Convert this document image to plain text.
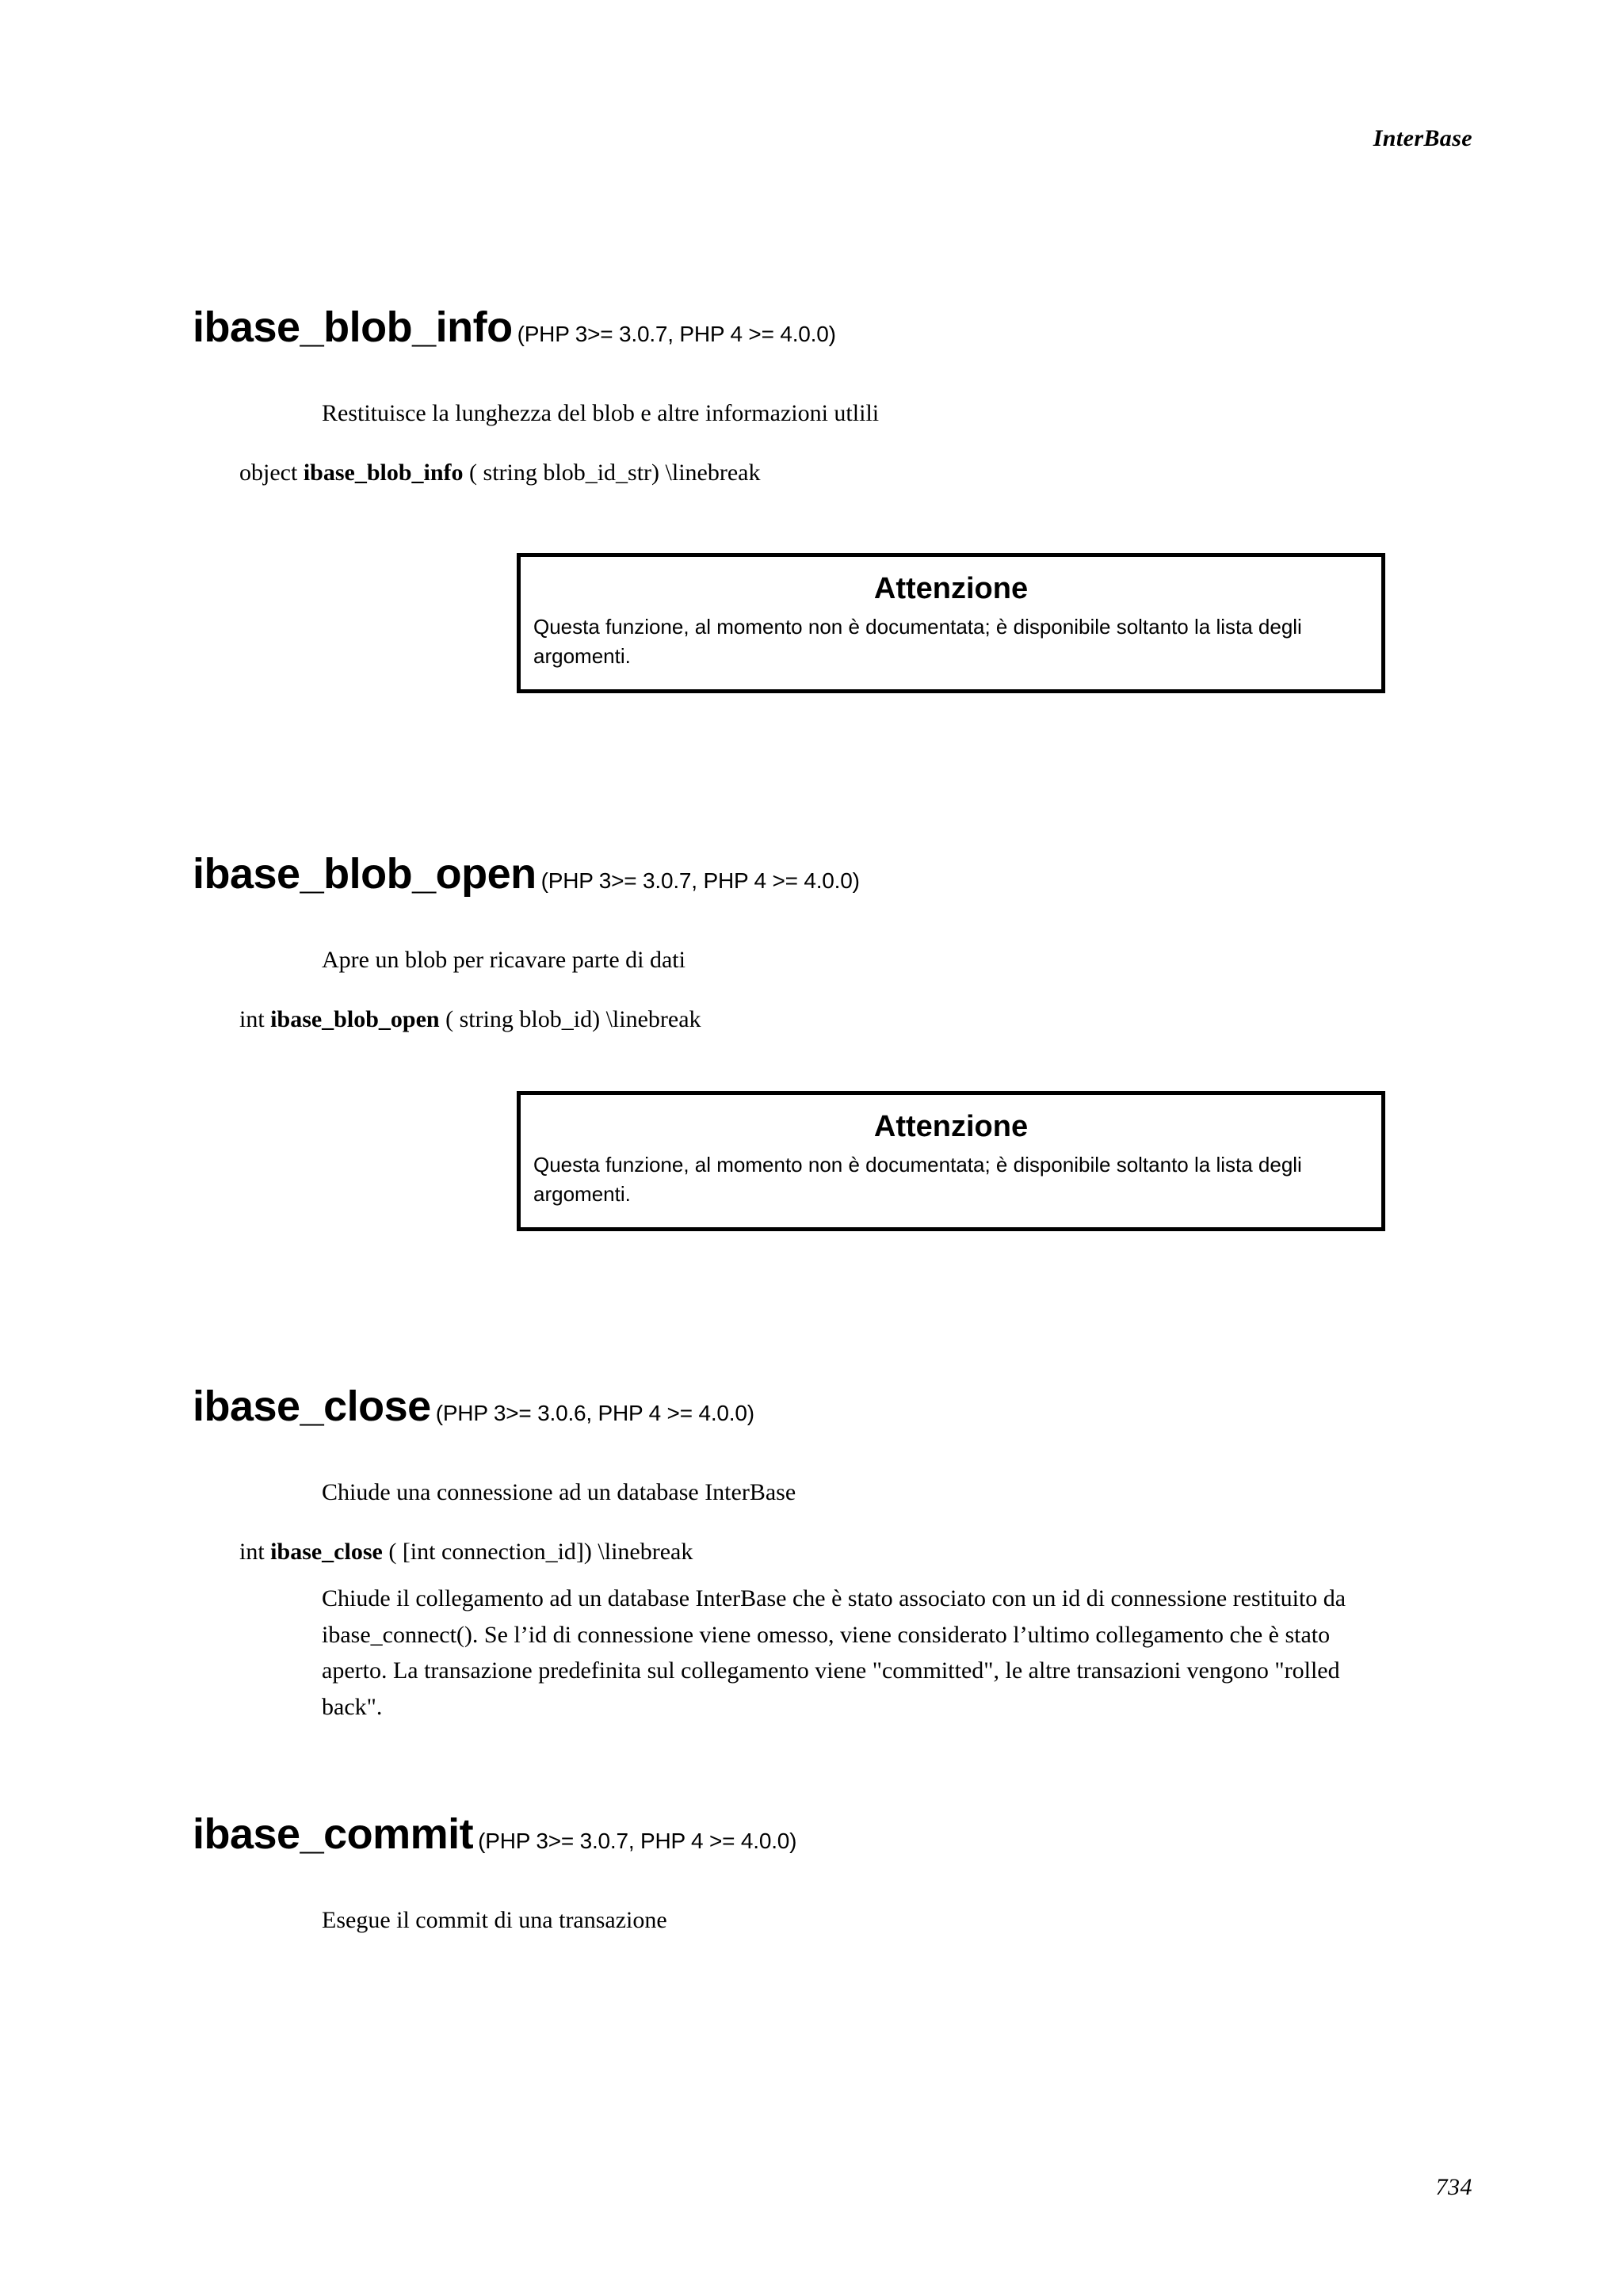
InterBase
ibase_blob_info (PHP 3>= 3.0.7, PHP 4 >= 4.0.0)

Restituisce la lunghezza del blob e altre informazioni utlili

object ibase_blob_info ( string blob_id_str) \linebreak

Attenzione

Questa funzione, al momento non è documentata; è disponibile soltanto la lista degli argomenti.

ibase_blob_open (PHP 3>= 3.0.7, PHP 4 >= 4.0.0)

Apre un blob per ricavare parte di dati

int ibase_blob_open ( string blob_id) \linebreak

Attenzione

Questa funzione, al momento non è documentata; è disponibile soltanto la lista degli argomenti.

ibase_close (PHP 3>= 3.0.6, PHP 4 >= 4.0.0)

Chiude una connessione ad un database InterBase

int ibase_close ( [int connection_id]) \linebreak

Chiude il collegamento ad un database InterBase che è stato associato con un id di connessione restituito da ibase_connect(). Se l’id di connessione viene omesso, viene considerato l’ultimo collegamento che è stato aperto. La transazione predefinita sul collegamento viene "committed", le altre transazioni vengono "rolled back".

ibase_commit (PHP 3>= 3.0.7, PHP 4 >= 4.0.0)

Esegue il commit di una transazione

734
